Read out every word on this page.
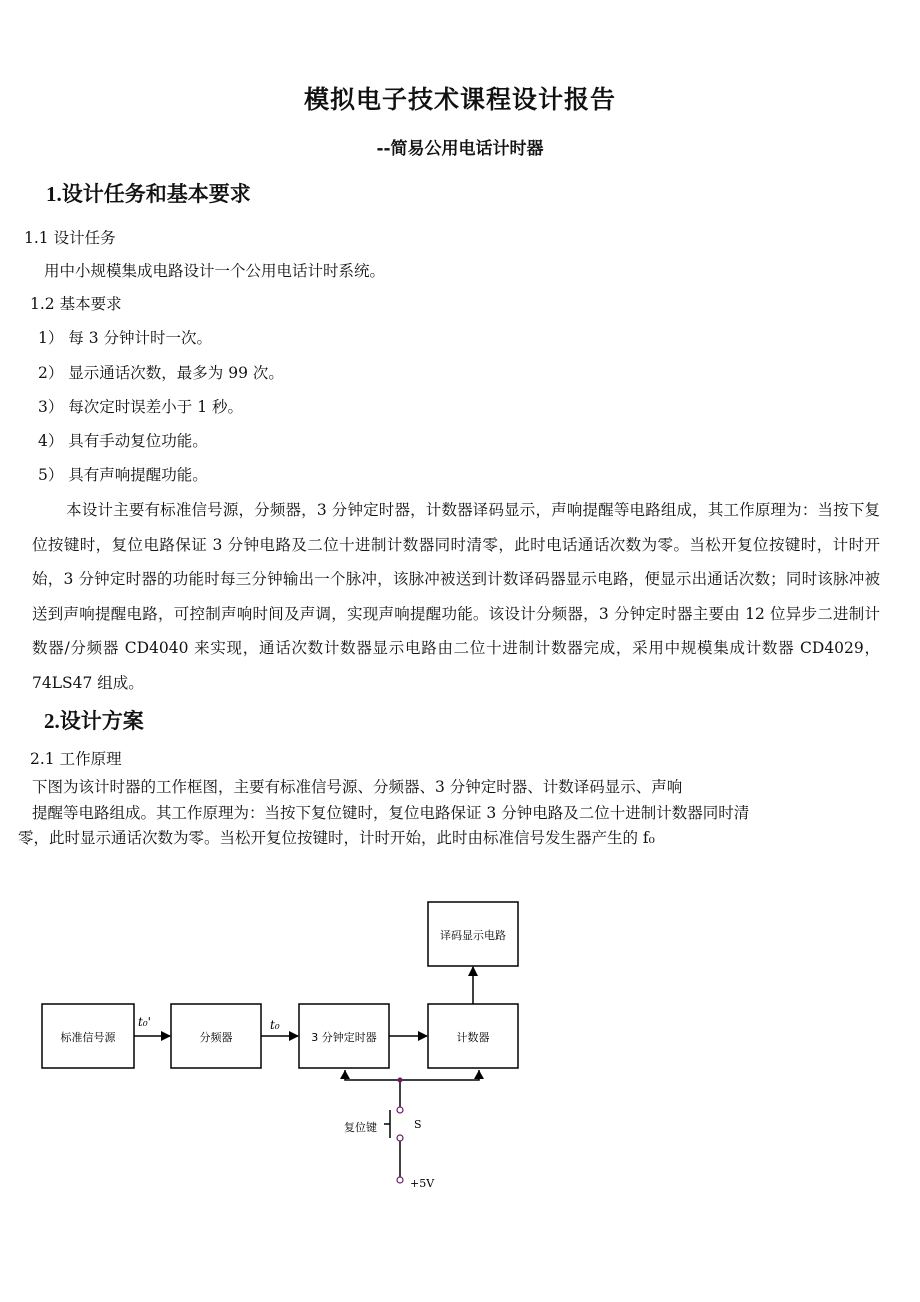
模拟电子技术课程设计报告
--简易公用电话计时器
1.设计任务和基本要求
1.1 设计任务
用中小规模集成电路设计一个公用电话计时系统。
1.2 基本要求
1） 每 3 分钟计时一次。
2） 显示通话次数，最多为 99 次。
3） 每次定时误差小于 1 秒。
4） 具有手动复位功能。
5） 具有声响提醒功能。
本设计主要有标准信号源，分频器，3 分钟定时器，计数器译码显示，声响提醒等电路组成，其工作原理为：当按下复位按键时，复位电路保证 3 分钟电路及二位十进制计数器同时清零，此时电话通话次数为零。当松开复位按键时，计时开始，3 分钟定时器的功能时每三分钟输出一个脉冲，该脉冲被送到计数译码器显示电路，便显示出通话次数；同时该脉冲被送到声响提醒电路，可控制声响时间及声调，实现声响提醒功能。该设计分频器，3 分钟定时器主要由 12 位异步二进制计数器/分频器 CD4040 来实现，通话次数计数器显示电路由二位十进制计数器完成，采用中规模集成计数器 CD4029，74LS47 组成。
2.设计方案
2.1 工作原理
下图为该计时器的工作框图，主要有标准信号源、分频器、3 分钟定时器、计数译码显示、声响
提醒等电路组成。其工作原理为：当按下复位键时，复位电路保证 3 分钟电路及二位十进制计数器同时清
零，此时显示通话次数为零。当松开复位按键时，计时开始，此时由标准信号发生器产生的 f₀
标准信号源	分频器	3 分钟定时器	计数器
译码显示电路
t₀'	t₀
复位键	S
+5V
